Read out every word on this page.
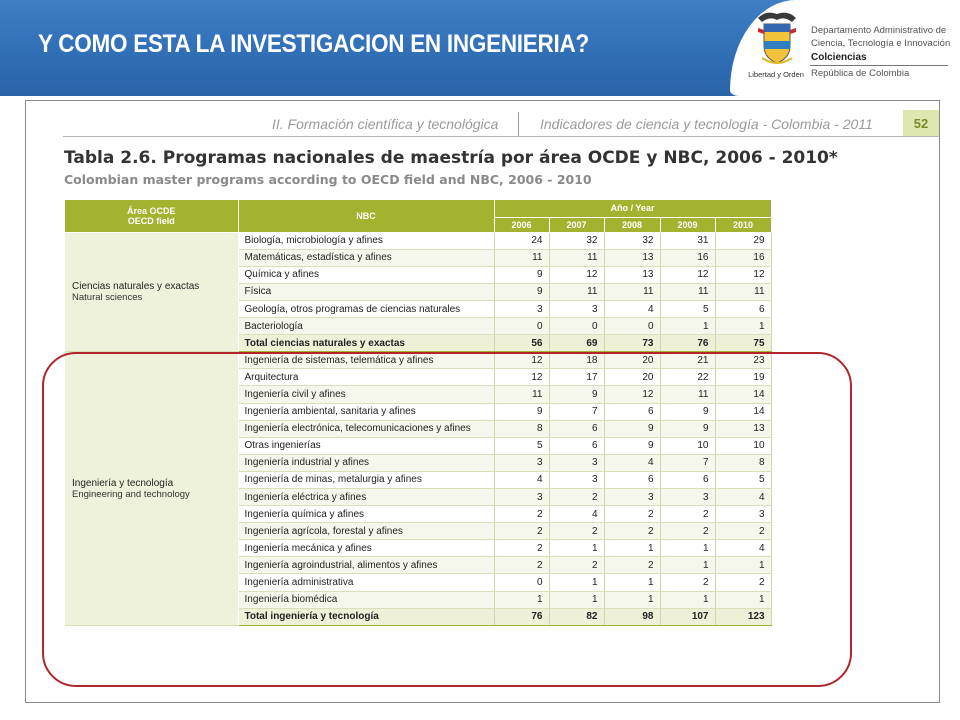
Y COMO ESTA LA INVESTIGACION EN INGENIERIA?
Libertad y Orden
Departamento Administrativo de
Ciencia, Tecnología e Innovación
Colciencias
República de Colombia
II. Formación científica y tecnológica	Indicadores de ciencia y tecnología - Colombia - 2011	52
Tabla 2.6. Programas nacionales de maestría por área OCDE y NBC, 2006 - 2010*
Colombian master programs according to OECD field and NBC, 2006 - 2010
Área OCDE
OECD field	NBC	Año / Year				
		2006	2007	2008	2009	2010

Ciencias naturales y exactas
Natural sciences	Biología, microbiología y afines	24	32	32	31	29
	Matemáticas, estadística y afines	11	11	13	16	16
	Química y afines	9	12	13	12	12
	Física	9	11	11	11	11
	Geología, otros programas de ciencias naturales	3	3	4	5	6
	Bacteriología	0	0	0	1	1
	Total ciencias naturales y exactas	56	69	73	76	75

Ingeniería y tecnología
Engineering and technology	Ingeniería de sistemas, telemática y afines	12	18	20	21	23
	Arquitectura	12	17	20	22	19
	Ingeniería civil y afines	11	9	12	11	14
	Ingeniería ambiental, sanitaria y afines	9	7	6	9	14
	Ingeniería electrónica, telecomunicaciones y afines	8	6	9	9	13
	Otras ingenierías	5	6	9	10	10
	Ingeniería industrial y afines	3	3	4	7	8
	Ingeniería de minas, metalurgia y afines	4	3	6	6	5
	Ingeniería eléctrica y afines	3	2	3	3	4
	Ingeniería química y afines	2	4	2	2	3
	Ingeniería agrícola, forestal y afines	2	2	2	2	2
	Ingeniería mecánica y afines	2	1	1	1	4
	Ingeniería agroindustrial, alimentos y afines	2	2	2	1	1
	Ingeniería administrativa	0	1	1	2	2
	Ingeniería biomédica	1	1	1	1	1
	Total ingeniería y tecnología	76	82	98	107	123
